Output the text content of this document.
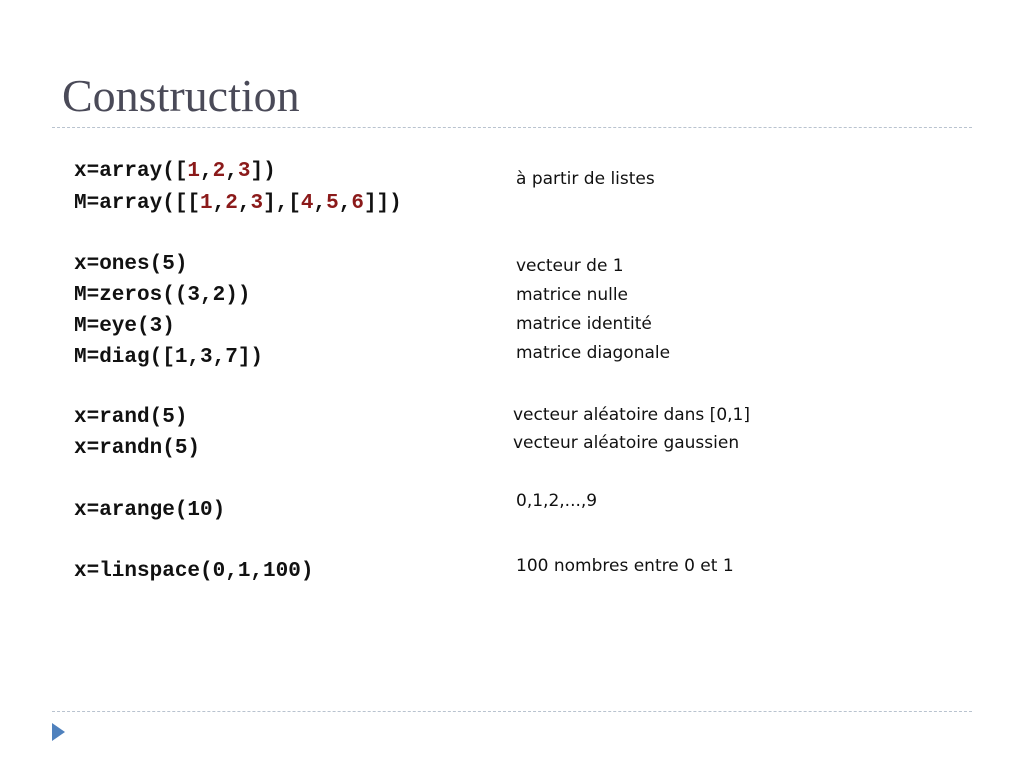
Construction
x=array([1,2,3])
M=array([[1,2,3],[4,5,6]])
x=ones(5)
M=zeros((3,2))
M=eye(3)
M=diag([1,3,7])
x=rand(5)
x=randn(5)
x=arange(10)
x=linspace(0,1,100)
à partir de listes
vecteur de 1
matrice nulle
matrice identité
matrice diagonale
vecteur aléatoire dans [0,1]
vecteur aléatoire gaussien
0,1,2,...,9
100 nombres entre 0 et 1
